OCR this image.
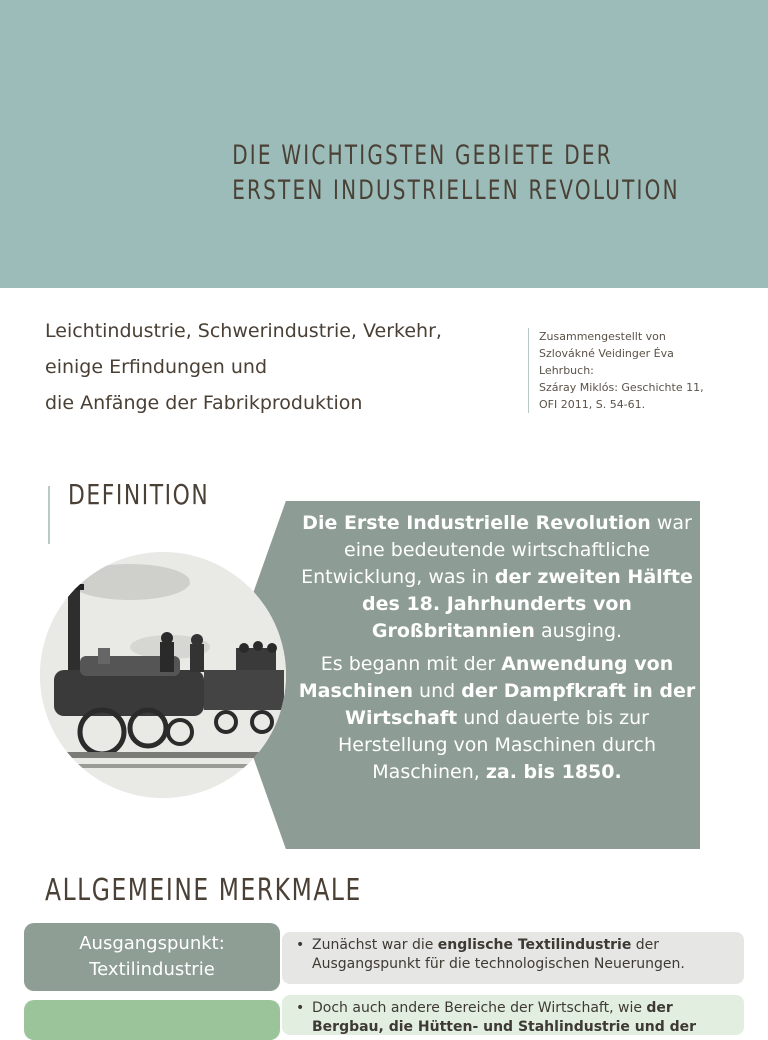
DIE WICHTIGSTEN GEBIETE DER
ERSTEN INDUSTRIELLEN REVOLUTION
Leichtindustrie, Schwerindustrie, Verkehr,
einige Erfindungen und
die Anfänge der Fabrikproduktion
Zusammengestellt von
Szlovákné Veidinger Éva
Lehrbuch:
Száray Miklós: Geschichte 11,
OFI 2011, S. 54-61.
DEFINITION

Die Erste Industrielle Revolution war eine bedeutende wirtschaftliche Entwicklung, was in der zweiten Hälfte des 18. Jahrhunderts von Großbritannien ausging.

Es begann mit der Anwendung von Maschinen und der Dampfkraft in der Wirtschaft und dauerte bis zur Herstellung von Maschinen durch Maschinen, za. bis 1850.

ALLGEMEINE MERKMALE
Ausgangspunkt: Textilindustrie
• Zunächst war die englische Textilindustrie der Ausgangspunkt für die technologischen Neuerungen.
• Doch auch andere Bereiche der Wirtschaft, wie der Bergbau, die Hütten- und Stahlindustrie und der
